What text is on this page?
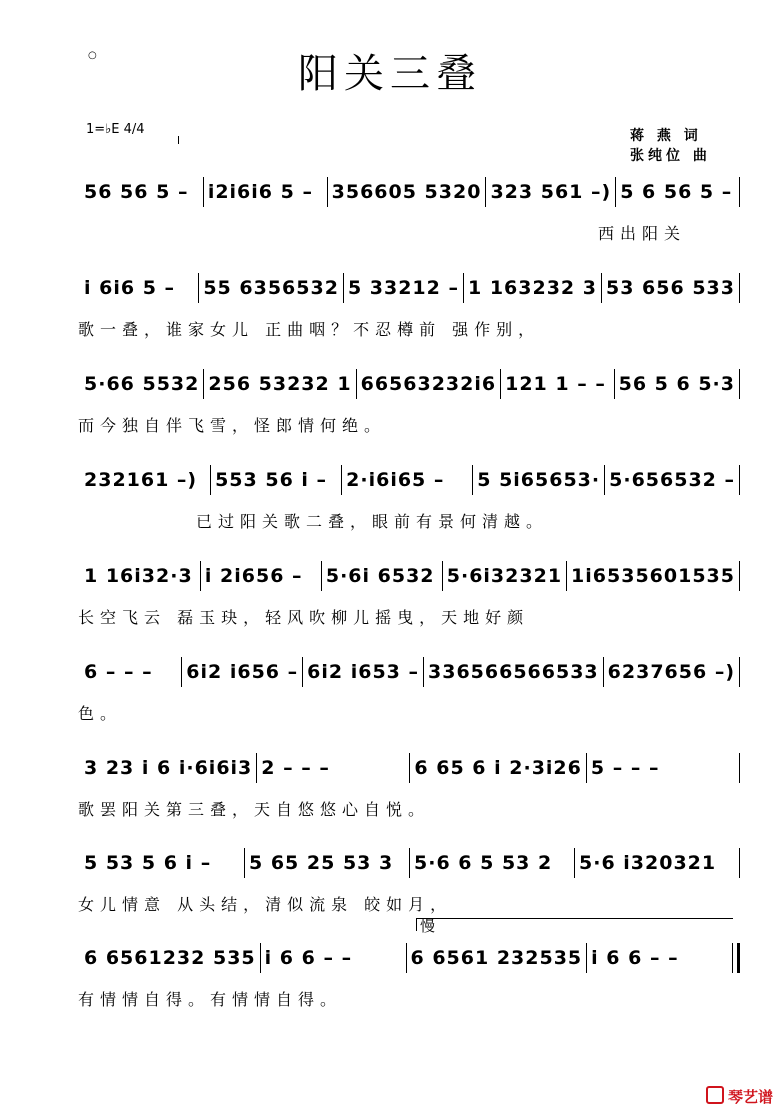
○	阳关三叠
1=♭E 4/4	蒋 燕 词
张纯位 曲
56 56 5 –	i2i6i6 5 – 356605 5320 323 561 –) 5 6 56 5 –
西出阳关
i 6i6 5 –	55 6356532 5 33212 – 1 163232 3 53 656 533
歌一叠，谁家女儿 正曲咽？不忍樽前 强作别，
5·66 5532 256 53232 1 66563232i6 121 1 – – 56 5 6 5·3
而今独自伴飞雪，怪郎情何绝。
232161 –) 553 56 i –	2·i6i65 –	5 5i65653· 5·656532 –
已过阳关歌二叠，眼前有景何清越。
1 16i32·3 i 2i656 –	5·6i 6532 5·6i32321 1i6535601535
长空飞云 磊玉玦，轻风吹柳儿摇曳，天地好颜
6 – – –	6i2 i656 – 6i2 i653 – 336566566533 6237656 –)
色。
3 23 i 6 i·6i6i3 2 – – –	6 65 6 i 2·3i26 5 – – –
歌罢阳关第三叠，天自悠悠心自悦。
5 53 5 6 i –	5 65 25 53 3	5·6 6 5 53 2	5·6 i320321
女儿情意 从头结，清似流泉 皎如月，
慢
6 6561232 535 i 6 6 – –	6 6561 232535 i 6 6 – –
有情情自得。有情情自得。
琴艺谱
